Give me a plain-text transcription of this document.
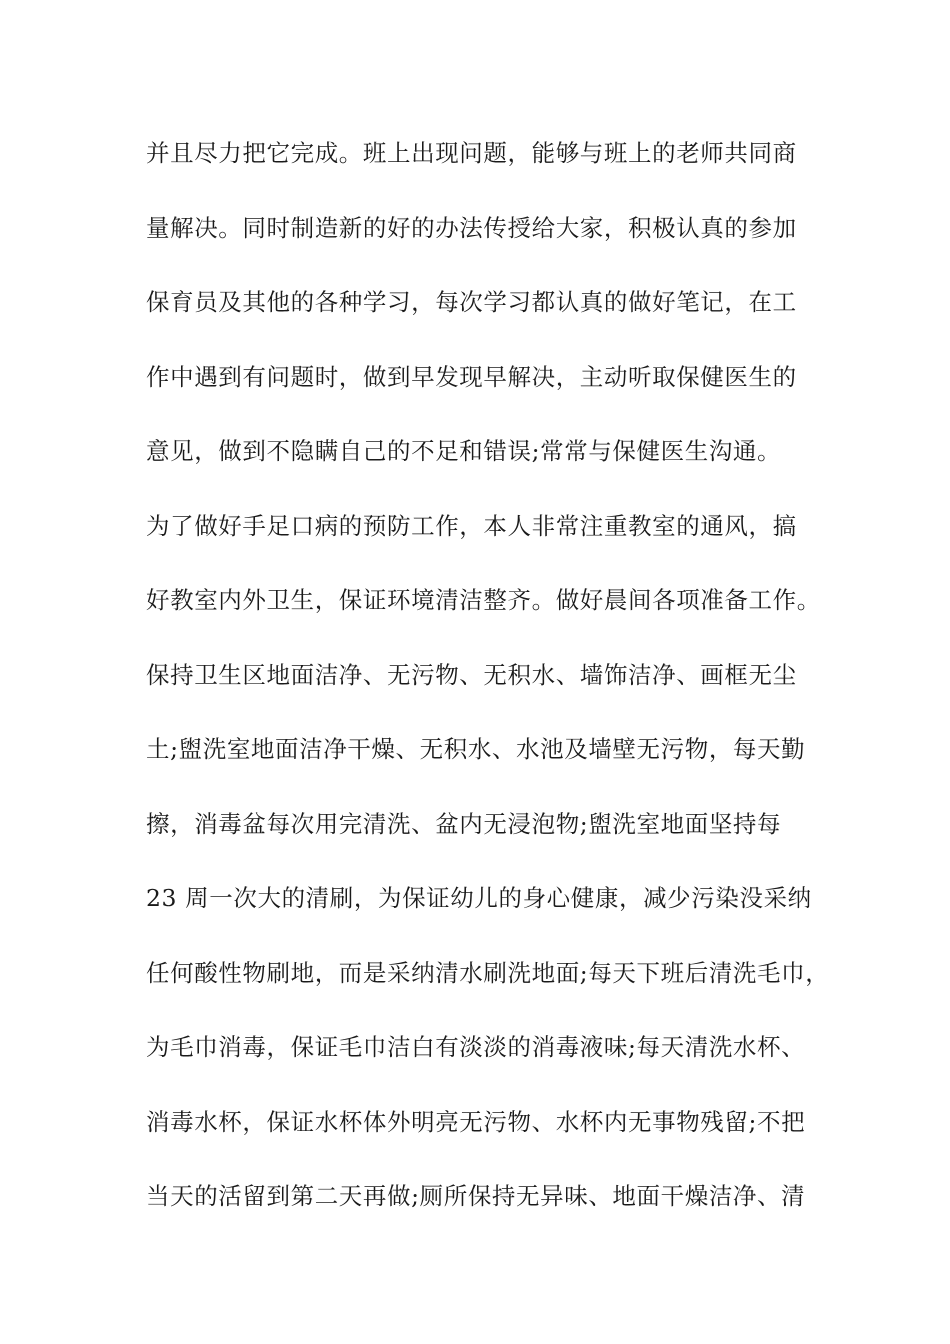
并且尽力把它完成。班上出现问题，能够与班上的老师共同商
量解决。同时制造新的好的办法传授给大家，积极认真的参加
保育员及其他的各种学习，每次学习都认真的做好笔记，在工
作中遇到有问题时，做到早发现早解决，主动听取保健医生的
意见，做到不隐瞒自己的不足和错误;常常与保健医生沟通。
为了做好手足口病的预防工作，本人非常注重教室的通风，搞
好教室内外卫生，保证环境清洁整齐。做好晨间各项准备工作。
保持卫生区地面洁净、无污物、无积水、墙饰洁净、画框无尘
土;盥洗室地面洁净干燥、无积水、水池及墙壁无污物，每天勤
擦，消毒盆每次用完清洗、盆内无浸泡物;盥洗室地面坚持每
23 周一次大的清刷，为保证幼儿的身心健康，减少污染没采纳
任何酸性物刷地，而是采纳清水刷洗地面;每天下班后清洗毛巾，
为毛巾消毒，保证毛巾洁白有淡淡的消毒液味;每天清洗水杯、
消毒水杯，保证水杯体外明亮无污物、水杯内无事物残留;不把
当天的活留到第二天再做;厕所保持无异味、地面干燥洁净、清
